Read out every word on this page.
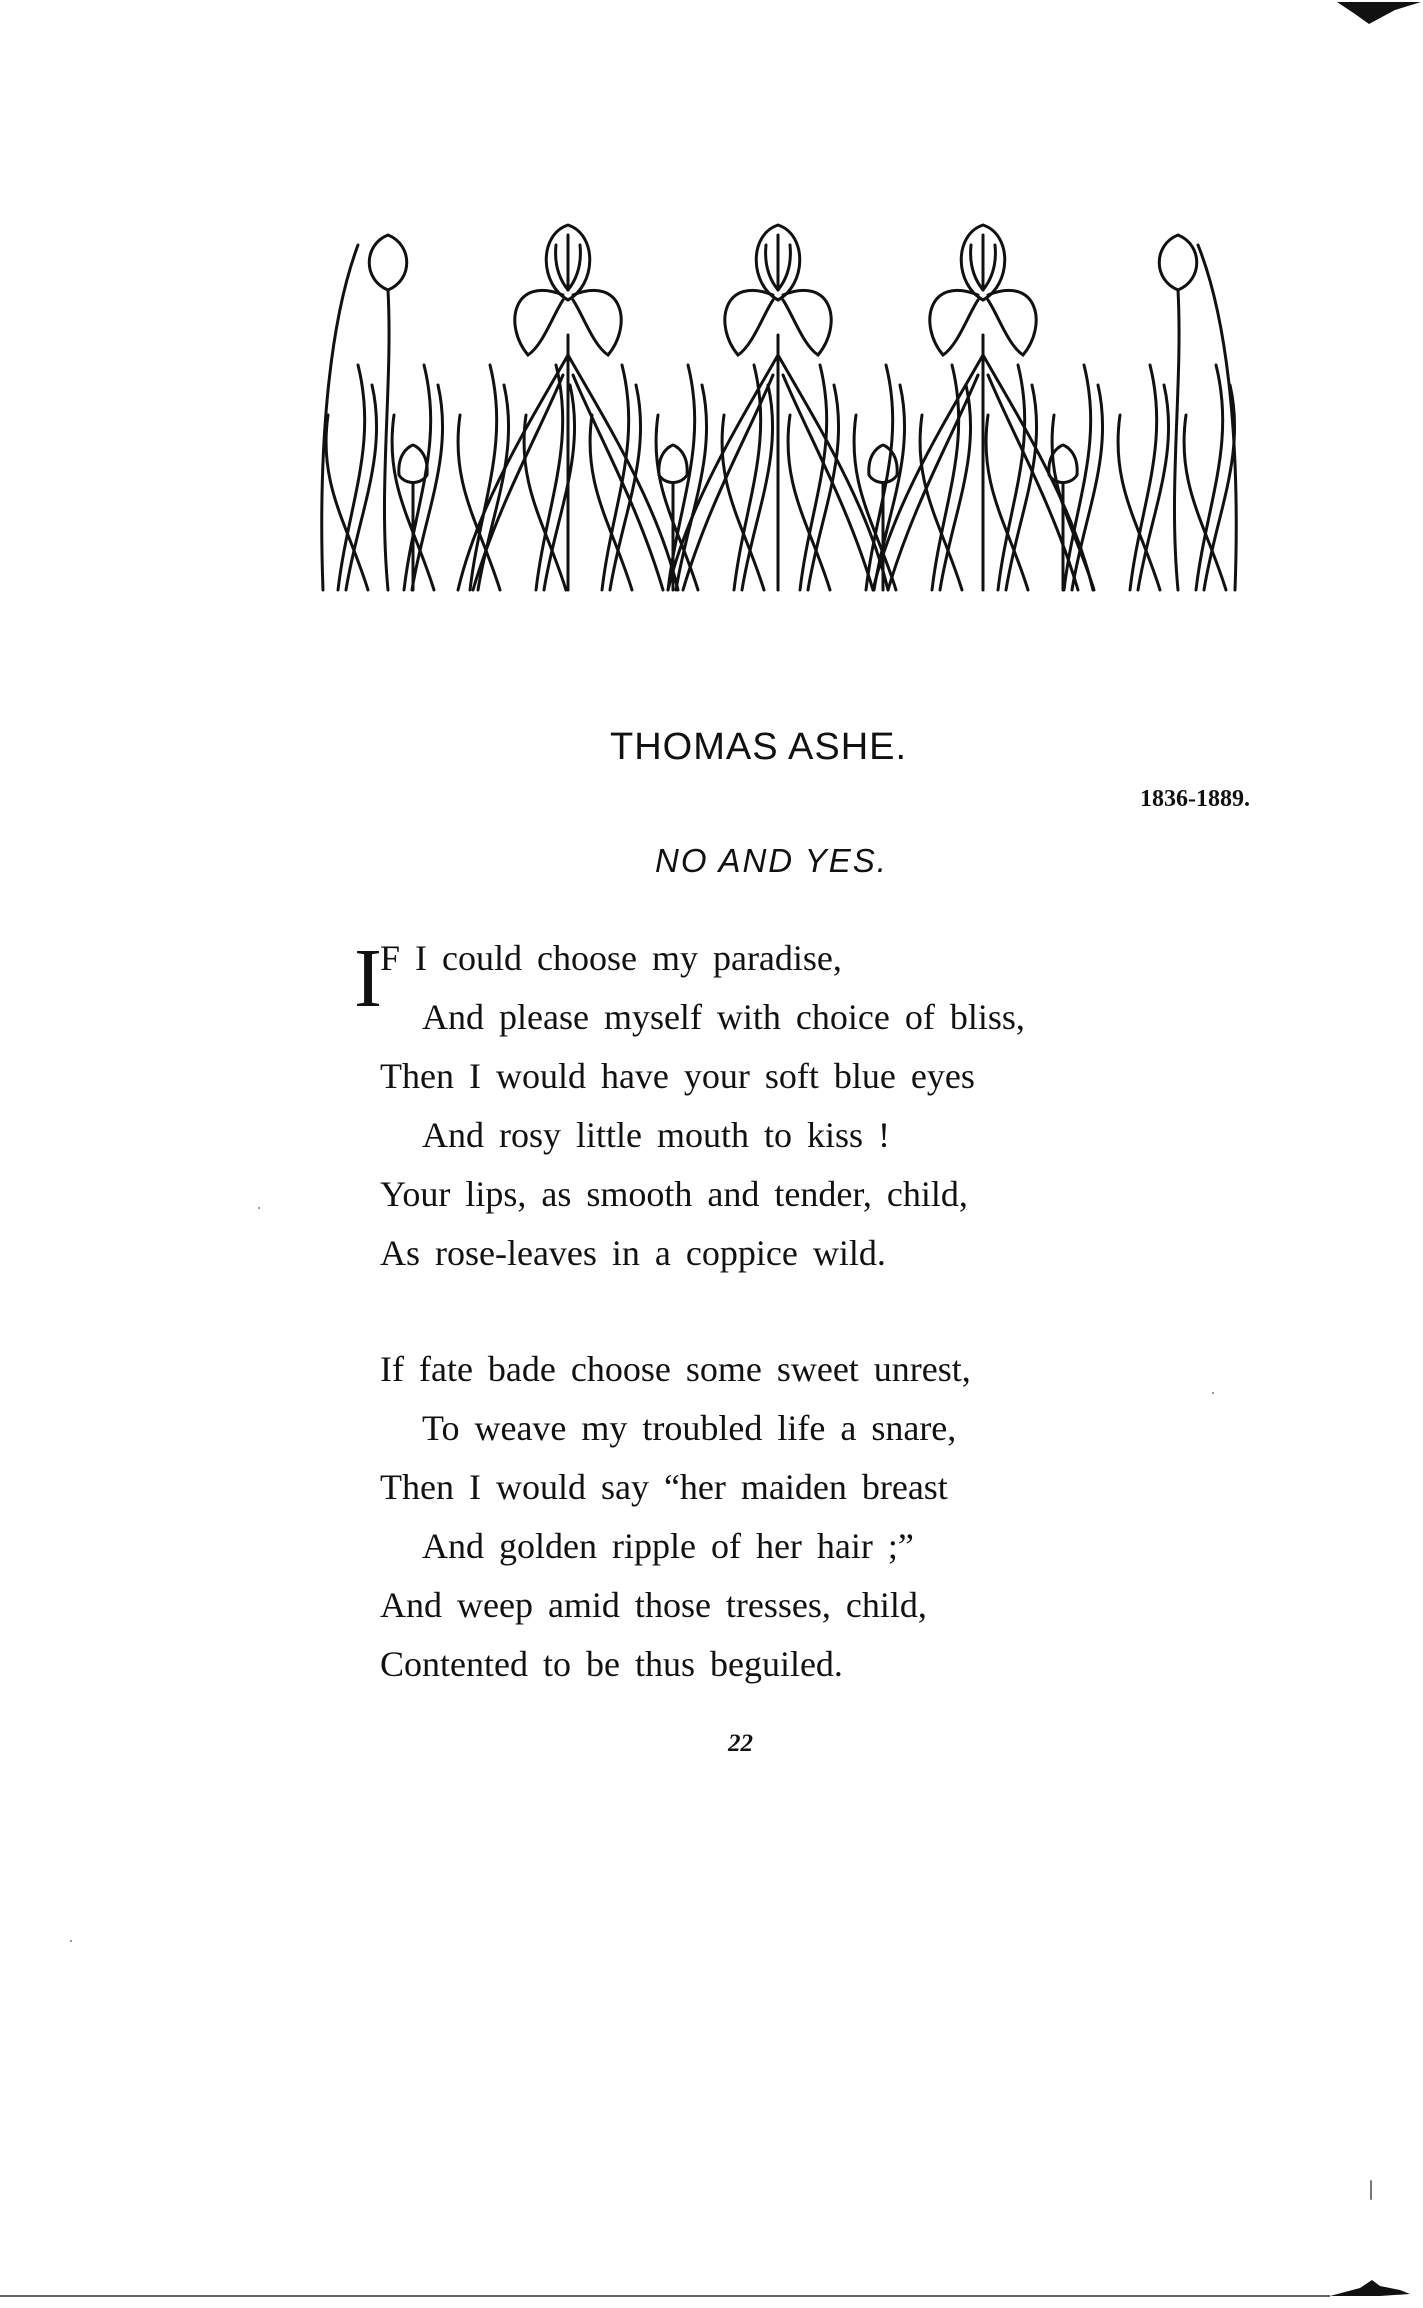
THOMAS ASHE.
1836-1889.
NO AND YES.
I
F I could choose my paradise,
And please myself with choice of bliss,
Then I would have your soft blue eyes
And rosy little mouth to kiss !
Your lips, as smooth and tender, child,
As rose-leaves in a coppice wild.
If fate bade choose some sweet unrest,
To weave my troubled life a snare,
Then I would say “her maiden breast
And golden ripple of her hair ;”
And weep amid those tresses, child,
Contented to be thus beguiled.
22
